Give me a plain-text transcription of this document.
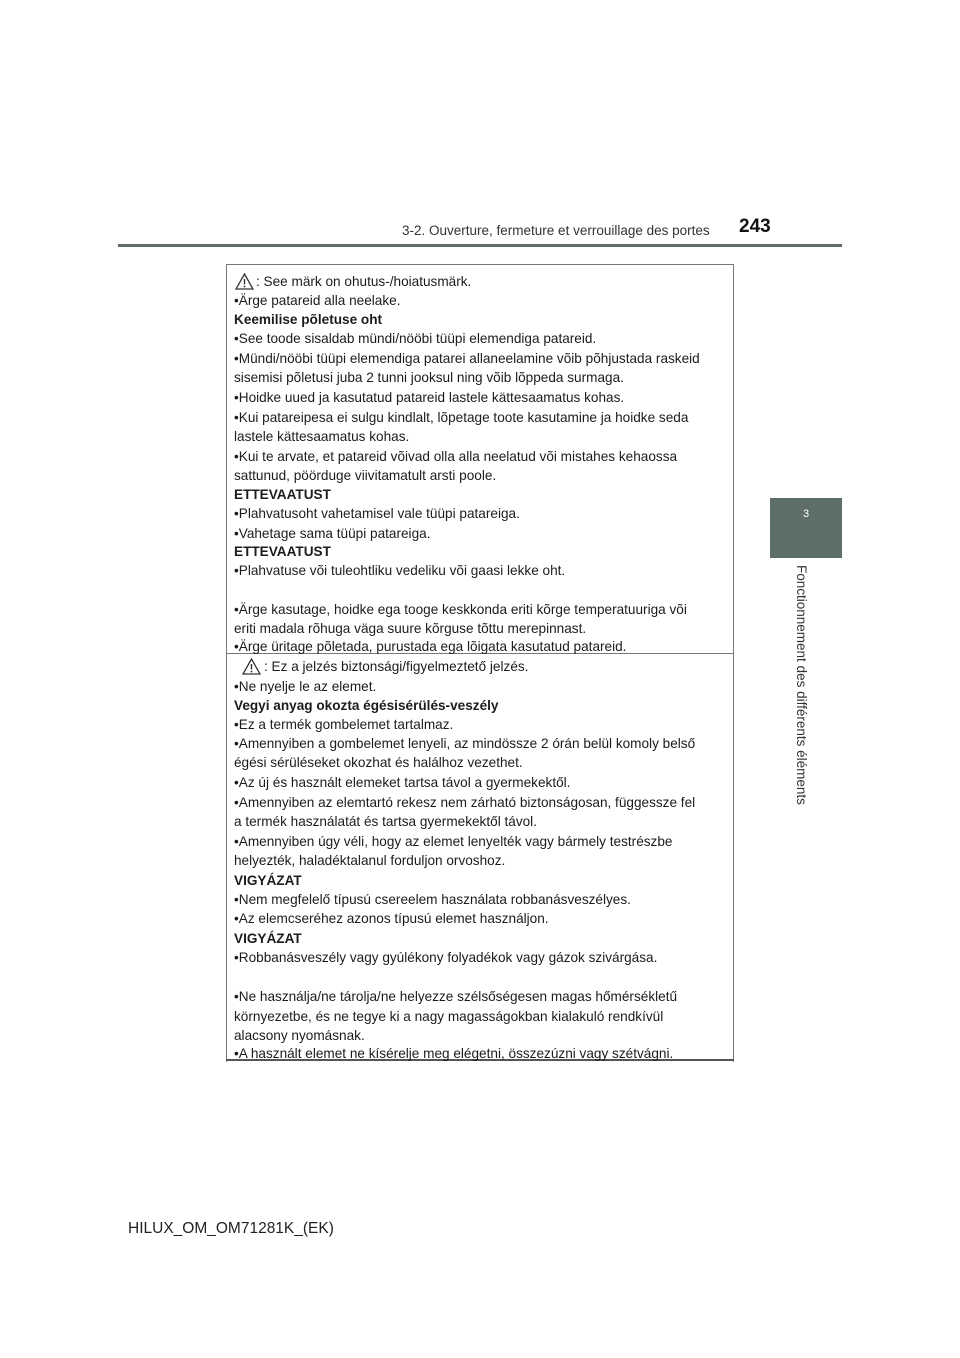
3-2. Ouverture, fermeture et verrouillage des portes 243
3
Fonctionnement des différents éléments
: See märk on ohutus-/hoiatusmärk.
•Ärge patareid alla neelake.
Keemilise põletuse oht
•See toode sisaldab mündi/nööbi tüüpi elemendiga patareid.
•Mündi/nööbi tüüpi elemendiga patarei allaneelamine võib põhjustada raskeid
sisemisi põletusi juba 2 tunni jooksul ning võib lõppeda surmaga.
•Hoidke uued ja kasutatud patareid lastele kättesaamatus kohas.
•Kui patareipesa ei sulgu kindlalt, lõpetage toote kasutamine ja hoidke seda
lastele kättesaamatus kohas.
•Kui te arvate, et patareid võivad olla alla neelatud või mistahes kehaossa
sattunud, pöörduge viivitamatult arsti poole.
ETTEVAATUST
•Plahvatusoht vahetamisel vale tüüpi patareiga.
•Vahetage sama tüüpi patareiga.
ETTEVAATUST
•Plahvatuse või tuleohtliku vedeliku või gaasi lekke oht.
•Ärge kasutage, hoidke ega tooge keskkonda eriti kõrge temperatuuriga või
eriti madala rõhuga väga suure kõrguse tõttu merepinnast.
•Ärge üritage põletada, purustada ega lõigata kasutatud patareid.
: Ez a jelzés biztonsági/figyelmeztető jelzés.
•Ne nyelje le az elemet.
Vegyi anyag okozta égésisérülés-veszély
•Ez a termék gombelemet tartalmaz.
•Amennyiben a gombelemet lenyeli, az mindössze 2 órán belül komoly belső
égési sérüléseket okozhat és halálhoz vezethet.
•Az új és használt elemeket tartsa távol a gyermekektől.
•Amennyiben az elemtartó rekesz nem zárható biztonságosan, függessze fel
a termék használatát és tartsa gyermekektől távol.
•Amennyiben úgy véli, hogy az elemet lenyelték vagy bármely testrészbe
helyezték, haladéktalanul forduljon orvoshoz.
VIGYÁZAT
•Nem megfelelő típusú csereelem használata robbanásveszélyes.
•Az elemcseréhez azonos típusú elemet használjon.
VIGYÁZAT
•Robbanásveszély vagy gyúlékony folyadékok vagy gázok szivárgása.
•Ne használja/ne tárolja/ne helyezze szélsőségesen magas hőmérsékletű
környezetbe, és ne tegye ki a nagy magasságokban kialakuló rendkívül
alacsony nyomásnak.
•A használt elemet ne kísérelje meg elégetni, összezúzni vagy szétvágni.
HILUX_OM_OM71281K_(EK)
